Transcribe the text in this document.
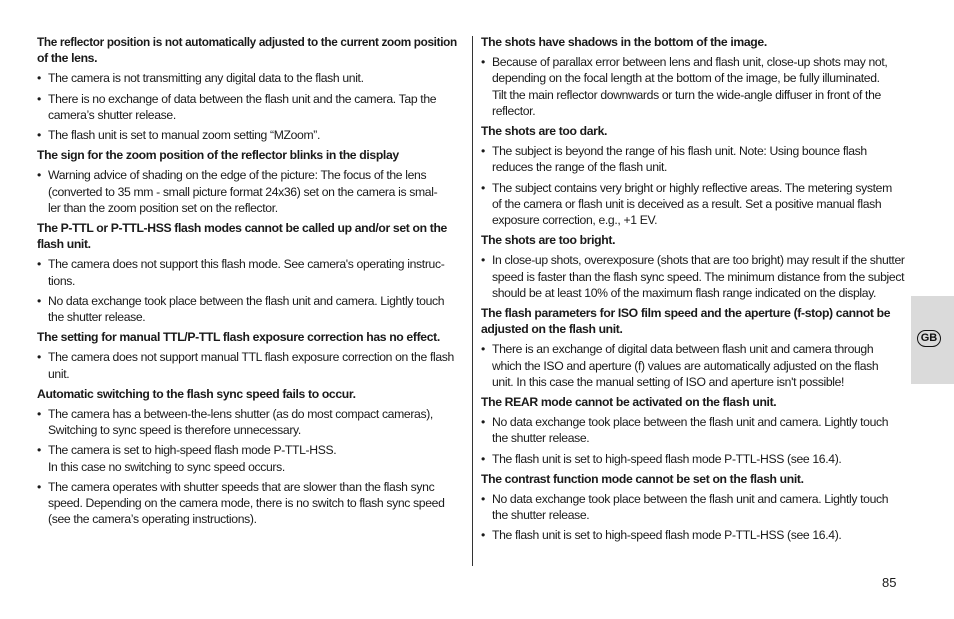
The reflector position is not automatically adjusted to the current zoom position
of the lens.
• The camera is not transmitting any digital data to the flash unit.
• There is no exchange of data between the flash unit and the camera. Tap the
camera’s shutter release.
• The flash unit is set to manual zoom setting “MZoom”.
The sign for the zoom position of the reflector blinks in the display
• Warning advice of shading on the edge of the picture: The focus of the lens
(converted to 35 mm - small picture format 24x36) set on the camera is smal-
ler than the zoom position set on the reflector.
The P-TTL or P-TTL-HSS flash modes cannot be called up and/or set on the
flash unit.
• The camera does not support this flash mode. See camera's operating instruc-
tions.
• No data exchange took place between the flash unit and camera. Lightly touch
the shutter release.
The setting for manual TTL/P-TTL flash exposure correction has no effect.
• The camera does not support manual TTL flash exposure correction on the flash
unit.
Automatic switching to the flash sync speed fails to occur.
• The camera has a between-the-lens shutter (as do most compact cameras),
Switching to sync speed is therefore unnecessary.
• The camera is set to high-speed flash mode P-TTL-HSS.
In this case no switching to sync speed occurs.
• The camera operates with shutter speeds that are slower than the flash sync
speed. Depending on the camera mode, there is no switch to flash sync speed
(see the camera’s operating instructions).
The shots have shadows in the bottom of the image.
• Because of parallax error between lens and flash unit, close-up shots may not,
depending on the focal length at the bottom of the image, be fully illuminated.
Tilt the main reflector downwards or turn the wide-angle diffuser in front of the
reflector.
The shots are too dark.
• The subject is beyond the range of his flash unit. Note: Using bounce flash
reduces the range of the flash unit.
• The subject contains very bright or highly reflective areas. The metering system
of the camera or flash unit is deceived as a result. Set a positive manual flash
exposure correction, e.g., +1 EV.
The shots are too bright.
• In close-up shots, overexposure (shots that are too bright) may result if the shutter
speed is faster than the flash sync speed. The minimum distance from the subject
should be at least 10% of the maximum flash range indicated on the display.
The flash parameters for ISO film speed and the aperture (f-stop) cannot be
adjusted on the flash unit.
• There is an exchange of digital data between flash unit and camera through
which the ISO and aperture (f) values are automatically adjusted on the flash
unit. In this case the manual setting of ISO and aperture isn't possible!
The REAR mode cannot be activated on the flash unit.
• No data exchange took place between the flash unit and camera. Lightly touch
the shutter release.
• The flash unit is set to high-speed flash mode P-TTL-HSS (see 16.4).
The contrast function mode cannot be set on the flash unit.
• No data exchange took place between the flash unit and camera. Lightly touch
the shutter release.
• The flash unit is set to high-speed flash mode P-TTL-HSS (see 16.4).
GB
85
